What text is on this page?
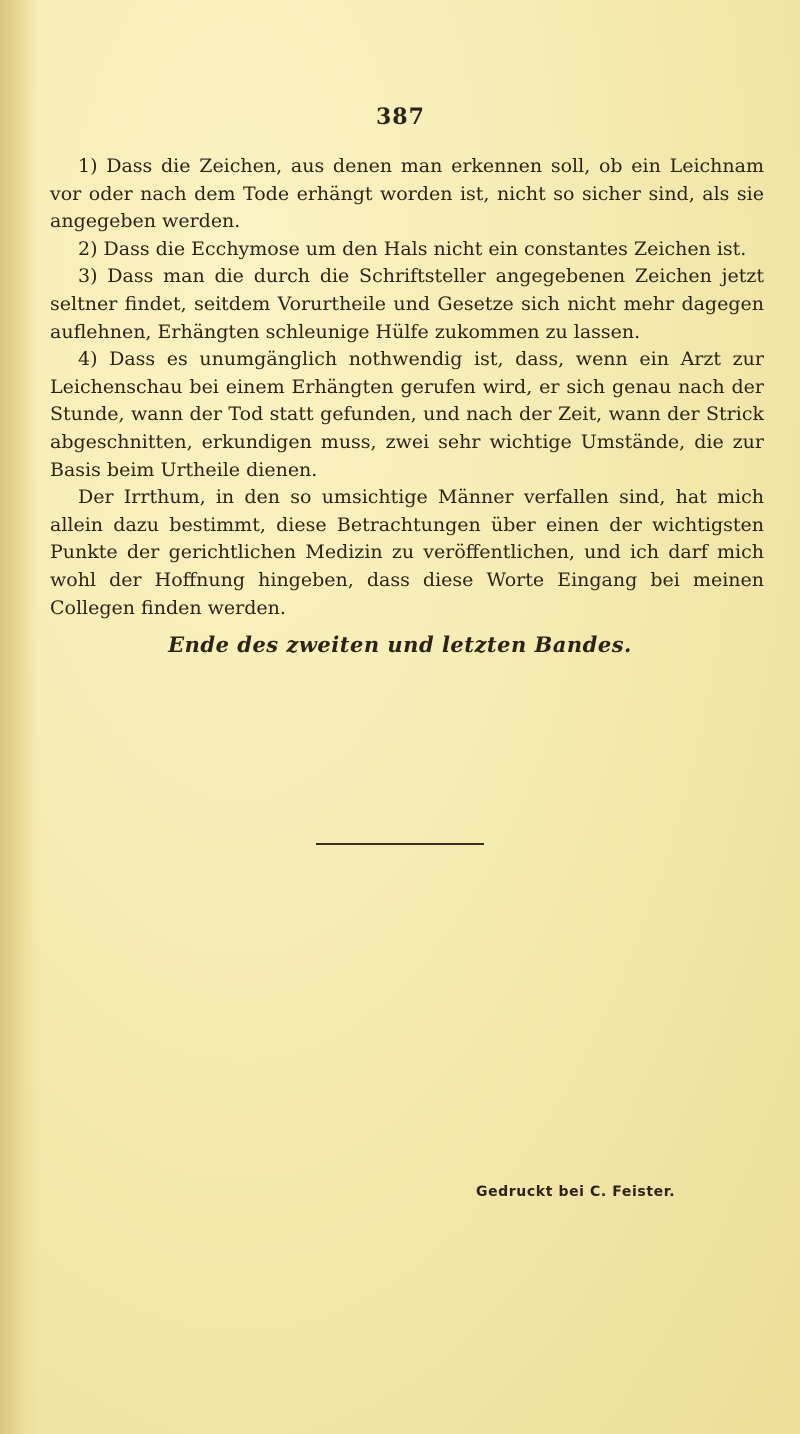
387

1) Dass die Zeichen, aus denen man erkennen soll, ob ein Leichnam vor oder nach dem Tode erhängt worden ist, nicht so sicher sind, als sie angegeben werden.

2) Dass die Ecchymose um den Hals nicht ein constantes Zeichen ist.

3) Dass man die durch die Schriftsteller angegebenen Zeichen jetzt seltner findet, seitdem Vorurtheile und Gesetze sich nicht mehr dagegen auflehnen, Erhängten schleunige Hülfe zukommen zu lassen.

4) Dass es unumgänglich nothwendig ist, dass, wenn ein Arzt zur Leichenschau bei einem Erhängten gerufen wird, er sich genau nach der Stunde, wann der Tod statt gefunden, und nach der Zeit, wann der Strick abgeschnitten, erkundigen muss, zwei sehr wichtige Umstände, die zur Basis beim Urtheile dienen.

Der Irrthum, in den so umsichtige Männer verfallen sind, hat mich allein dazu bestimmt, diese Betrachtungen über einen der wichtigsten Punkte der gerichtlichen Medizin zu veröffentlichen, und ich darf mich wohl der Hoffnung hingeben, dass diese Worte Eingang bei meinen Collegen finden werden.

Ende des zweiten und letzten Bandes.
Gedruckt bei C. Feister.
